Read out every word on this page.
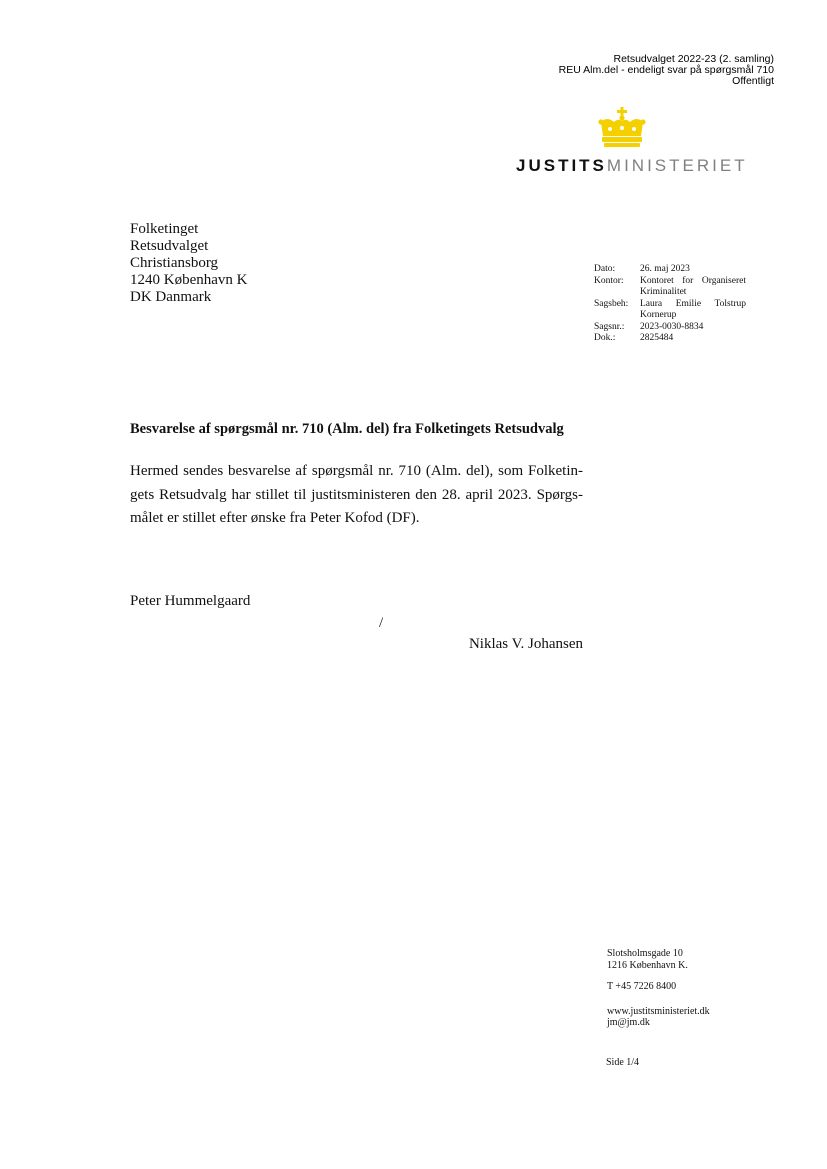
Retsudvalget 2022-23 (2. samling)
REU Alm.del - endeligt svar på spørgsmål 710
Offentligt
JUSTITSMINISTERIET
Folketinget
Retsudvalget
Christiansborg
1240 København K
DK Danmark
Dato:	26. maj 2023
Kontor:	Kontoret for Organiseret Kriminalitet
Sagsbeh:	Laura Emilie Tolstrup Kornerup
Sagsnr.:	2023-0030-8834
Dok.:	2825484
Besvarelse af spørgsmål nr. 710 (Alm. del) fra Folketingets Retsudvalg
Hermed sendes besvarelse af spørgsmål nr. 710 (Alm. del), som Folketingets Retsudvalg har stillet til justitsministeren den 28. april 2023. Spørgsmålet er stillet efter ønske fra Peter Kofod (DF).
Peter Hummelgaard
/
Niklas V. Johansen
Slotsholmsgade 10
1216 København K.
T +45 7226 8400
www.justitsministeriet.dk
jm@jm.dk
Side 1/4
